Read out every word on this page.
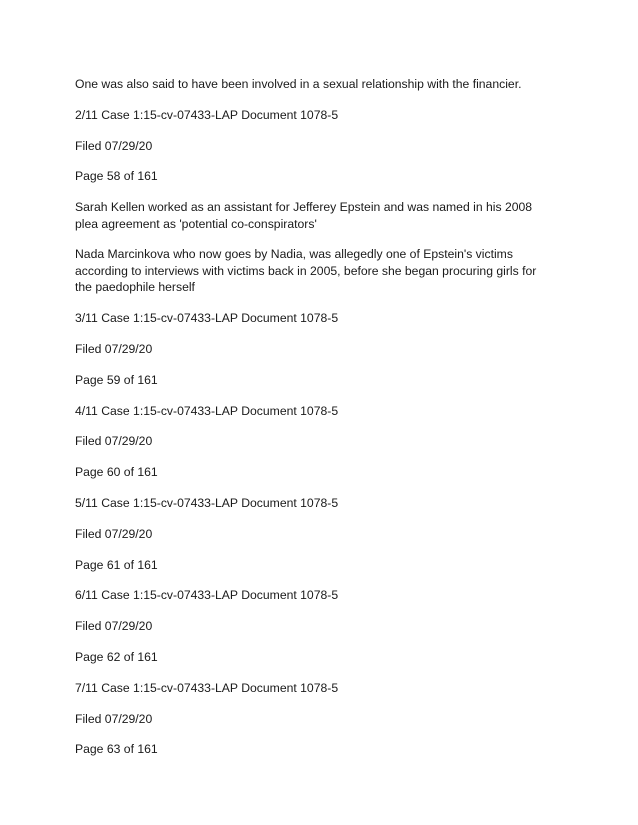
One was also said to have been involved in a sexual relationship with the financier.

2/11 Case 1:15-cv-07433-LAP Document 1078-5

Filed 07/29/20

Page 58 of 161

Sarah Kellen worked as an assistant for Jefferey Epstein and was named in his 2008 plea agreement as 'potential co-conspirators'

Nada Marcinkova who now goes by Nadia, was allegedly one of Epstein's victims according to interviews with victims back in 2005, before she began procuring girls for the paedophile herself

3/11 Case 1:15-cv-07433-LAP Document 1078-5

Filed 07/29/20

Page 59 of 161

4/11 Case 1:15-cv-07433-LAP Document 1078-5

Filed 07/29/20

Page 60 of 161

5/11 Case 1:15-cv-07433-LAP Document 1078-5

Filed 07/29/20

Page 61 of 161

6/11 Case 1:15-cv-07433-LAP Document 1078-5

Filed 07/29/20

Page 62 of 161

7/11 Case 1:15-cv-07433-LAP Document 1078-5

Filed 07/29/20

Page 63 of 161
